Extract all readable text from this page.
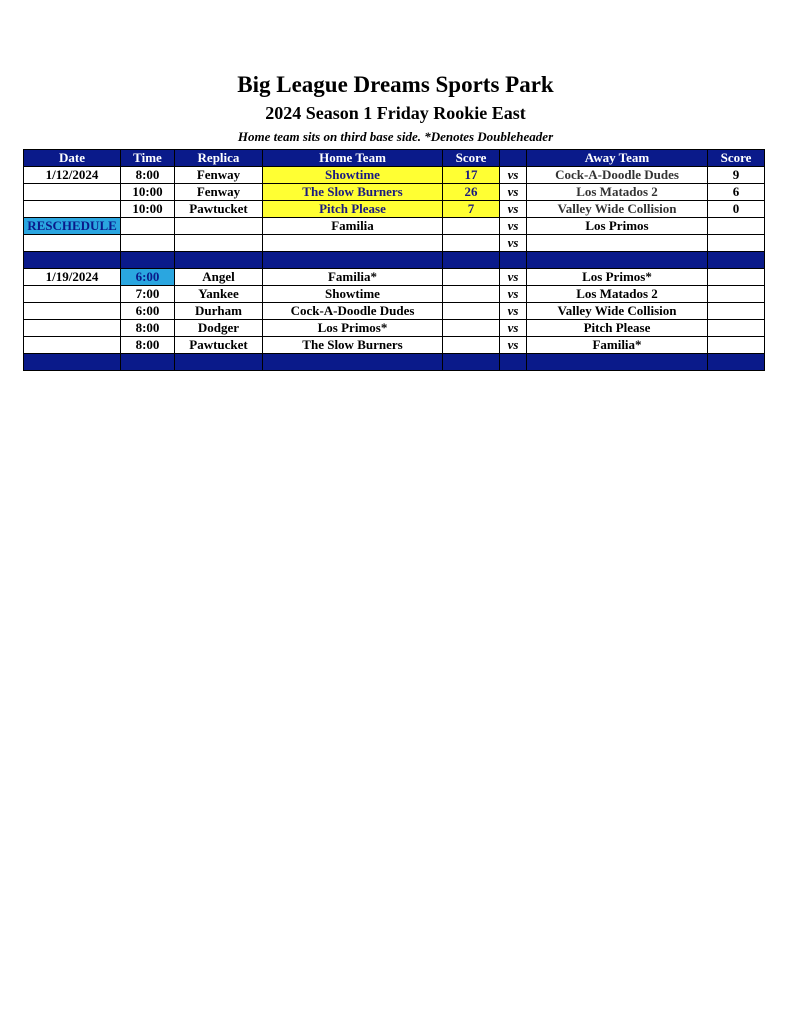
Big League Dreams Sports Park
2024 Season 1 Friday Rookie East
Home team sits on third base side. *Denotes Doubleheader
Date	Time	Replica	Home Team	Score		Away Team	Score
1/12/2024	8:00	Fenway	Showtime	17	vs	Cock-A-Doodle Dudes	9
	10:00	Fenway	The Slow Burners	26	vs	Los Matados 2	6
	10:00	Pawtucket	Pitch Please	7	vs	Valley Wide Collision	0
RESCHEDULE			Familia		vs	Los Primos	
					vs		

1/19/2024	6:00	Angel	Familia*		vs	Los Primos*	
	7:00	Yankee	Showtime		vs	Los Matados 2	
	6:00	Durham	Cock-A-Doodle Dudes		vs	Valley Wide Collision	
	8:00	Dodger	Los Primos*		vs	Pitch Please	
	8:00	Pawtucket	The Slow Burners		vs	Familia*	
